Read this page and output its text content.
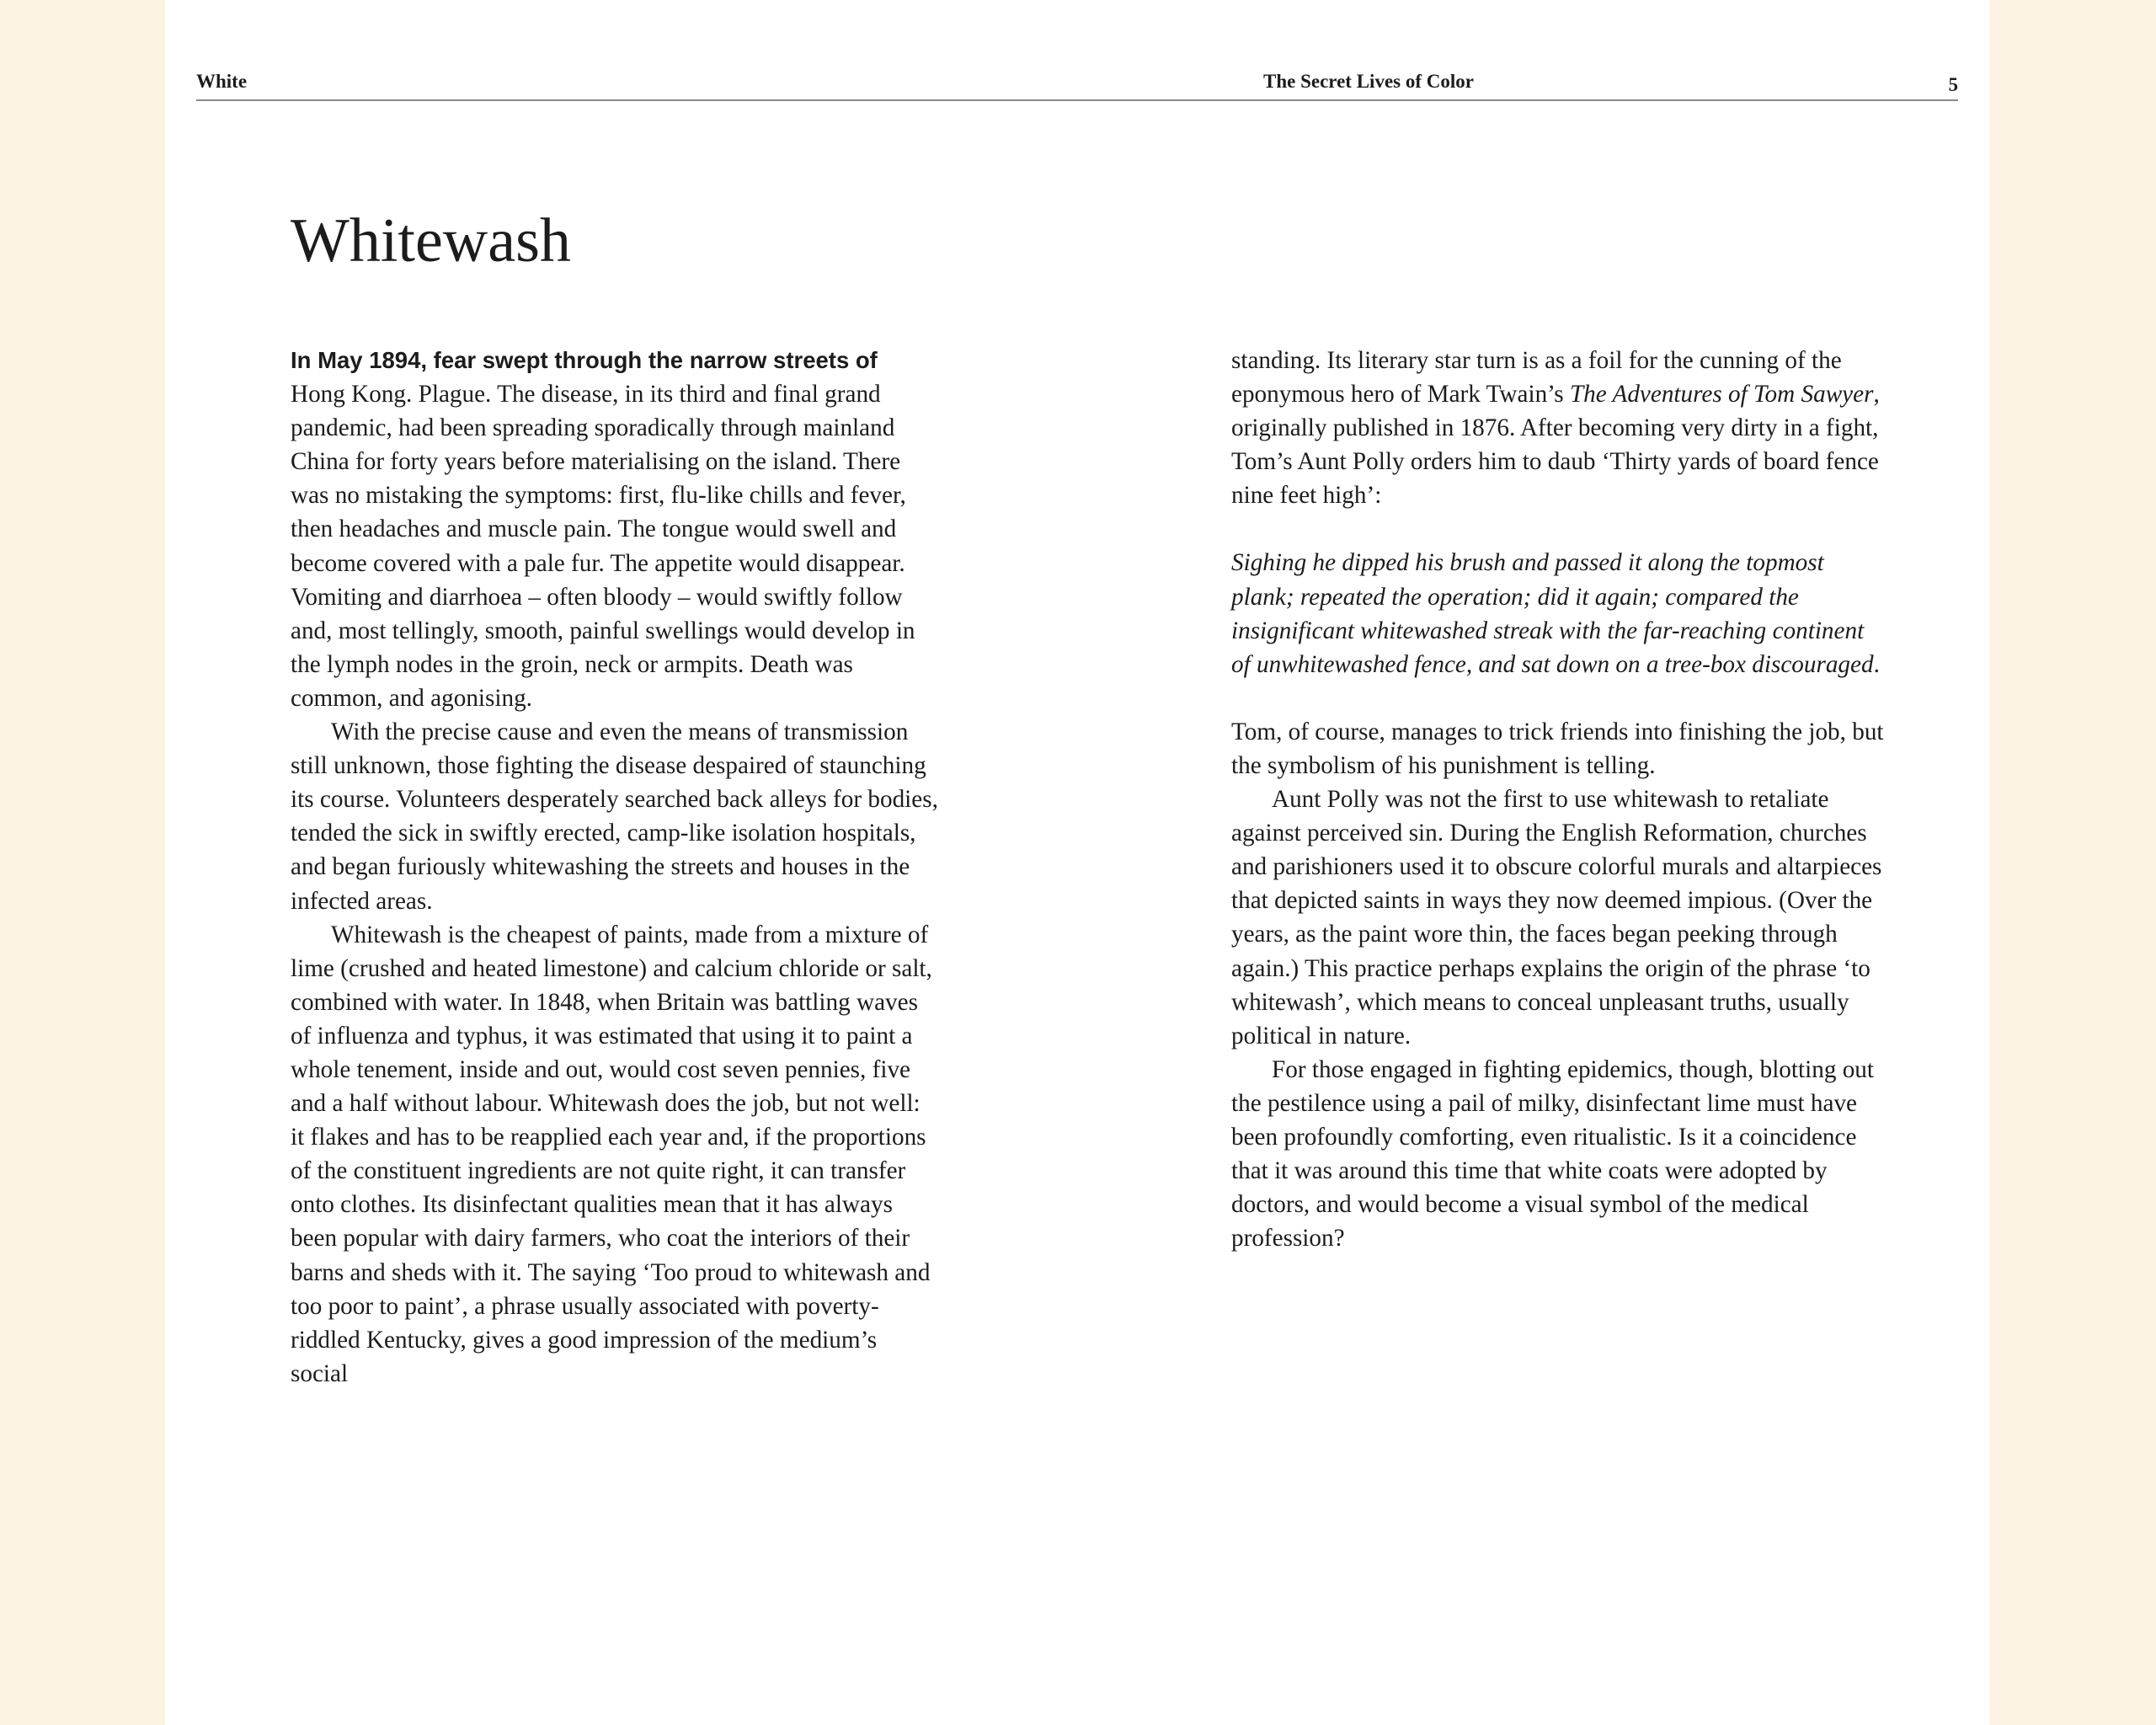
White	The Secret Lives of Color	5
Whitewash

In May 1894, fear swept through the narrow streets of
Hong Kong. Plague. The disease, in its third and final grand pandemic, had been spreading sporadically through mainland China for forty years before materialising on the island. There was no mistaking the symptoms: first, flu-like chills and fever, then headaches and muscle pain. The tongue would swell and become covered with a pale fur. The appetite would disappear. Vomiting and diarrhoea – often bloody – would swiftly follow and, most tellingly, smooth, painful swellings would develop in the lymph nodes in the groin, neck or armpits. Death was common, and agonising.

With the precise cause and even the means of transmission still unknown, those fighting the disease despaired of staunching its course. Volunteers desperately searched back alleys for bodies, tended the sick in swiftly erected, camp-like isolation hospitals, and began furiously whitewashing the streets and houses in the infected areas.

Whitewash is the cheapest of paints, made from a mixture of lime (crushed and heated limestone) and calcium chloride or salt, combined with water. In 1848, when Britain was battling waves of influenza and typhus, it was estimated that using it to paint a whole tenement, inside and out, would cost seven pennies, five and a half without labour. Whitewash does the job, but not well: it flakes and has to be reapplied each year and, if the proportions of the constituent ingredients are not quite right, it can transfer onto clothes. Its disinfectant qualities mean that it has always been popular with dairy farmers, who coat the interiors of their barns and sheds with it. The saying ‘Too proud to whitewash and too poor to paint’, a phrase usually associated with poverty-riddled Kentucky, gives a good impression of the medium’s social

standing. Its literary star turn is as a foil for the cunning of the eponymous hero of Mark Twain’s The Adventures of Tom Sawyer, originally published in 1876. After becoming very dirty in a fight, Tom’s Aunt Polly orders him to daub ‘Thirty yards of board fence nine feet high’:

Sighing he dipped his brush and passed it along the topmost plank; repeated the operation; did it again; compared the insignificant whitewashed streak with the far-reaching continent of unwhitewashed fence, and sat down on a tree-box discouraged.

Tom, of course, manages to trick friends into finishing the job, but the symbolism of his punishment is telling.

Aunt Polly was not the first to use whitewash to retaliate against perceived sin. During the English Reformation, churches and parishioners used it to obscure colorful murals and altarpieces that depicted saints in ways they now deemed impious. (Over the years, as the paint wore thin, the faces began peeking through again.) This practice perhaps explains the origin of the phrase ‘to whitewash’, which means to conceal unpleasant truths, usually political in nature.

For those engaged in fighting epidemics, though, blotting out the pestilence using a pail of milky, disinfectant lime must have been profoundly comforting, even ritualistic. Is it a coincidence that it was around this time that white coats were adopted by doctors, and would become a visual symbol of the medical profession?
